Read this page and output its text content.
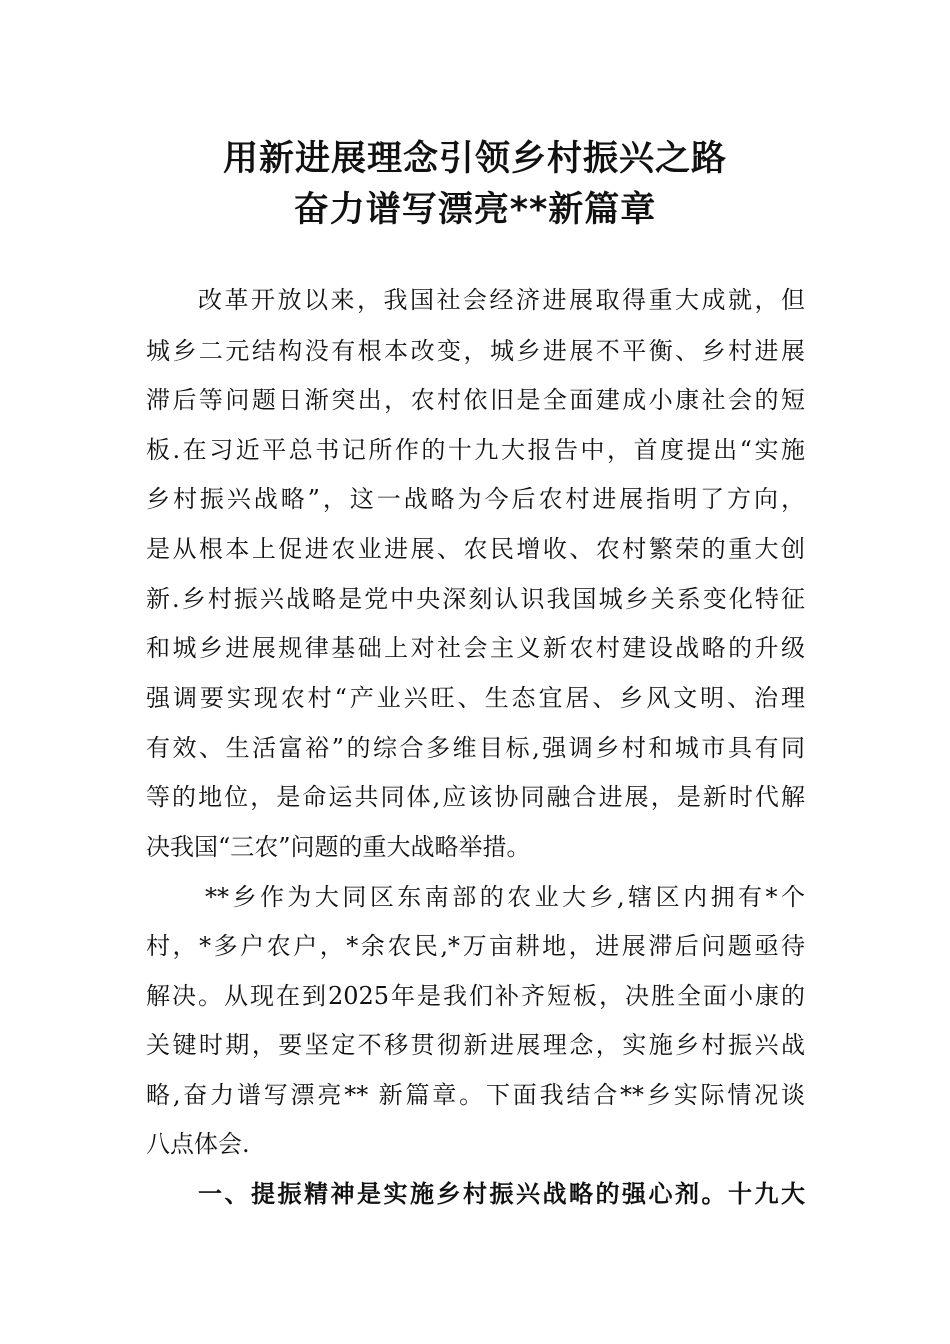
用新进展理念引领乡村振兴之路
奋力谱写漂亮**新篇章
改革开放以来，我国社会经济进展取得重大成就，但
城乡二元结构没有根本改变，城乡进展不平衡、乡村进展
滞后等问题日渐突出，农村依旧是全面建成小康社会的短
板.在习近平总书记所作的十九大报告中，首度提出“实施
乡村振兴战略”，这一战略为今后农村进展指明了方向，
是从根本上促进农业进展、农民增收、农村繁荣的重大创
新.乡村振兴战略是党中央深刻认识我国城乡关系变化特征
和城乡进展规律基础上对社会主义新农村建设战略的升级
强调要实现农村“产业兴旺、生态宜居、乡风文明、治理
有效、生活富裕”的综合多维目标,强调乡村和城市具有同
等的地位，是命运共同体,应该协同融合进展，是新时代解
决我国“三农”问题的重大战略举措。
**乡作为大同区东南部的农业大乡,辖区内拥有*个
村，*多户农户，*余农民,*万亩耕地，进展滞后问题亟待
解决。从现在到2025年是我们补齐短板，决胜全面小康的
关键时期，要坚定不移贯彻新进展理念，实施乡村振兴战
略,奋力谱写漂亮** 新篇章。下面我结合**乡实际情况谈
八点体会.
一、提振精神是实施乡村振兴战略的强心剂。十九大
